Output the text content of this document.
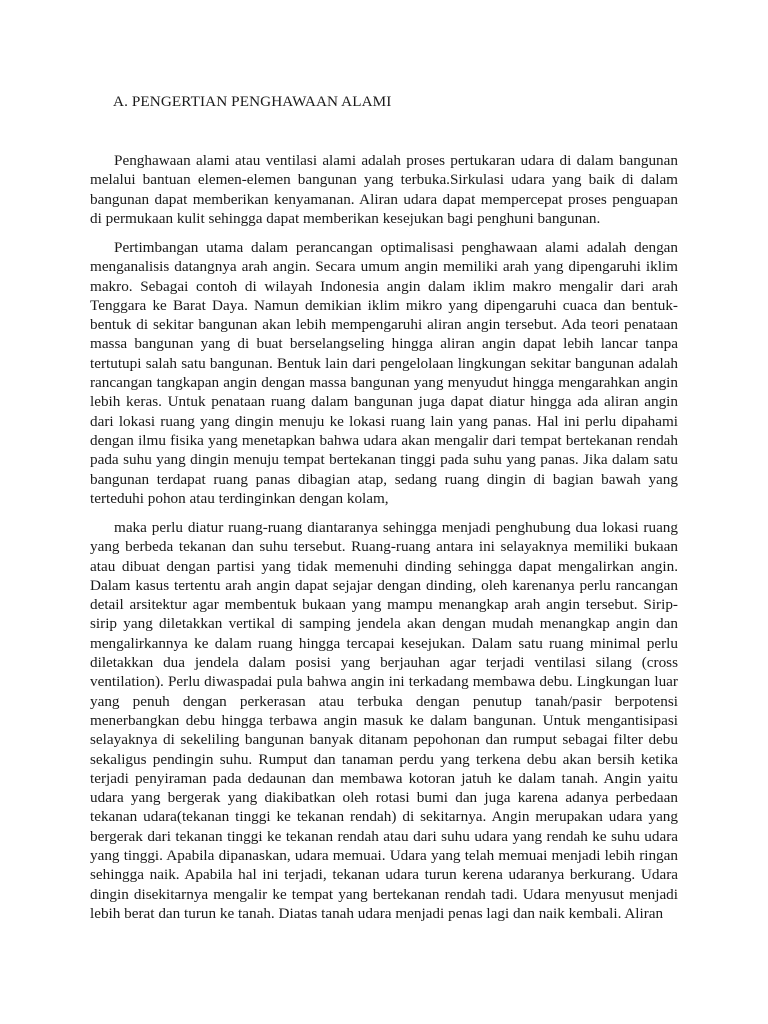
A. PENGERTIAN PENGHAWAAN ALAMI

Penghawaan alami atau ventilasi alami adalah proses pertukaran udara di dalam bangunan melalui bantuan elemen-elemen bangunan yang terbuka.Sirkulasi udara yang baik di dalam bangunan dapat memberikan kenyamanan. Aliran udara dapat mempercepat proses penguapan di permukaan kulit sehingga dapat memberikan kesejukan bagi penghuni bangunan.

Pertimbangan utama dalam perancangan optimalisasi penghawaan alami adalah dengan menganalisis datangnya arah angin. Secara umum angin memiliki arah yang dipengaruhi iklim makro. Sebagai contoh di wilayah Indonesia angin dalam iklim makro mengalir dari arah Tenggara ke Barat Daya. Namun demikian iklim mikro yang dipengaruhi cuaca dan bentuk-bentuk di sekitar bangunan akan lebih mempengaruhi aliran angin tersebut. Ada teori penataan massa bangunan yang di buat berselangseling hingga aliran angin dapat lebih lancar tanpa tertutupi salah satu bangunan. Bentuk lain dari pengelolaan lingkungan sekitar bangunan adalah rancangan tangkapan angin dengan massa bangunan yang menyudut hingga mengarahkan angin lebih keras. Untuk penataan ruang dalam bangunan juga dapat diatur hingga ada aliran angin dari lokasi ruang yang dingin menuju ke lokasi ruang lain yang panas. Hal ini perlu dipahami dengan ilmu fisika yang menetapkan bahwa udara akan mengalir dari tempat bertekanan rendah pada suhu yang dingin menuju tempat bertekanan tinggi pada suhu yang panas. Jika dalam satu bangunan terdapat ruang panas dibagian atap, sedang ruang dingin di bagian bawah yang terteduhi pohon atau terdinginkan dengan kolam,

maka perlu diatur ruang-ruang diantaranya sehingga menjadi penghubung dua lokasi ruang yang berbeda tekanan dan suhu tersebut. Ruang-ruang antara ini selayaknya memiliki bukaan atau dibuat dengan partisi yang tidak memenuhi dinding sehingga dapat mengalirkan angin. Dalam kasus tertentu arah angin dapat sejajar dengan dinding, oleh karenanya perlu rancangan detail arsitektur agar membentuk bukaan yang mampu menangkap arah angin tersebut. Sirip-sirip yang diletakkan vertikal di samping jendela akan dengan mudah menangkap angin dan mengalirkannya ke dalam ruang hingga tercapai kesejukan. Dalam satu ruang minimal perlu diletakkan dua jendela dalam posisi yang berjauhan agar terjadi ventilasi silang (cross ventilation). Perlu diwaspadai pula bahwa angin ini terkadang membawa debu. Lingkungan luar yang penuh dengan perkerasan atau terbuka dengan penutup tanah/pasir berpotensi menerbangkan debu hingga terbawa angin masuk ke dalam bangunan. Untuk mengantisipasi selayaknya di sekeliling bangunan banyak ditanam pepohonan dan rumput sebagai filter debu sekaligus pendingin suhu. Rumput dan tanaman perdu yang terkena debu akan bersih ketika terjadi penyiraman pada dedaunan dan membawa kotoran jatuh ke dalam tanah. Angin yaitu udara yang bergerak yang diakibatkan oleh rotasi bumi dan juga karena adanya perbedaan tekanan udara(tekanan tinggi ke tekanan rendah) di sekitarnya. Angin merupakan udara yang bergerak dari tekanan tinggi ke tekanan rendah atau dari suhu udara yang rendah ke suhu udara yang tinggi. Apabila dipanaskan, udara memuai. Udara yang telah memuai menjadi lebih ringan sehingga naik. Apabila hal ini terjadi, tekanan udara turun kerena udaranya berkurang. Udara dingin disekitarnya mengalir ke tempat yang bertekanan rendah tadi. Udara menyusut menjadi lebih berat dan turun ke tanah. Diatas tanah udara menjadi penas lagi dan naik kembali. Aliran
